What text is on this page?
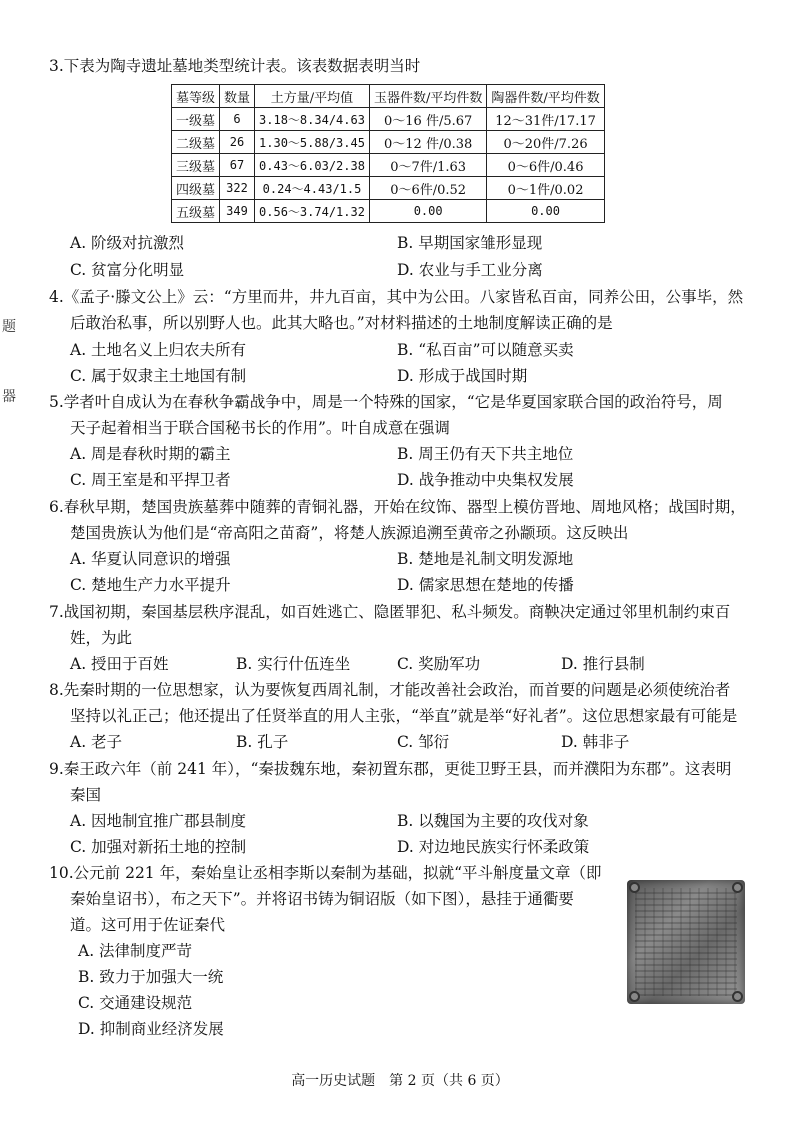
题
器
3.下表为陶寺遗址墓地类型统计表。该表数据表明当时
墓等级	数量	土方量/平均值	玉器件数/平均件数	陶器件数/平均件数
一级墓	6	3.18～8.34/4.63	0～16 件/5.67	12～31件/17.17
二级墓	26	1.30～5.88/3.45	0～12 件/0.38	0～20件/7.26
三级墓	67	0.43～6.03/2.38	0～7件/1.63	0～6件/0.46
四级墓	322	0.24～4.43/1.5	0～6件/0.52	0～1件/0.02
五级墓	349	0.56～3.74/1.32	0.00	0.00
A. 阶级对抗激烈	B. 早期国家雏形显现
C. 贫富分化明显	D. 农业与手工业分离
4.《孟子·滕文公上》云：“方里而井，井九百亩，其中为公田。八家皆私百亩，同养公田，公事毕，然
后敢治私事，所以别野人也。此其大略也。”对材料描述的土地制度解读正确的是
A. 土地名义上归农夫所有	B. “私百亩”可以随意买卖
C. 属于奴隶主土地国有制	D. 形成于战国时期
5.学者叶自成认为在春秋争霸战争中，周是一个特殊的国家，“它是华夏国家联合国的政治符号，周
天子起着相当于联合国秘书长的作用”。叶自成意在强调
A. 周是春秋时期的霸主	B. 周王仍有天下共主地位
C. 周王室是和平捍卫者	D. 战争推动中央集权发展
6.春秋早期，楚国贵族墓葬中随葬的青铜礼器，开始在纹饰、器型上模仿晋地、周地风格；战国时期，
楚国贵族认为他们是“帝高阳之苗裔”，将楚人族源追溯至黄帝之孙颛顼。这反映出
A. 华夏认同意识的增强	B. 楚地是礼制文明发源地
C. 楚地生产力水平提升	D. 儒家思想在楚地的传播
7.战国初期，秦国基层秩序混乱，如百姓逃亡、隐匿罪犯、私斗频发。商鞅决定通过邻里机制约束百
姓，为此
A. 授田于百姓	B. 实行什伍连坐	C. 奖励军功	D. 推行县制
8.先秦时期的一位思想家，认为要恢复西周礼制，才能改善社会政治，而首要的问题是必须使统治者
坚持以礼正己；他还提出了任贤举直的用人主张，“举直”就是举“好礼者”。这位思想家最有可能是
A. 老子	B. 孔子	C. 邹衍	D. 韩非子
9.秦王政六年（前 241 年），“秦拔魏东地，秦初置东郡，更徙卫野王县，而并濮阳为东郡”。这表明
秦国
A. 因地制宜推广郡县制度	B. 以魏国为主要的攻伐对象
C. 加强对新拓土地的控制	D. 对边地民族实行怀柔政策
10.公元前 221 年，秦始皇让丞相李斯以秦制为基础，拟就“平斗斛度量文章（即
秦始皇诏书），布之天下”。并将诏书铸为铜诏版（如下图），悬挂于通衢要
道。这可用于佐证秦代
A. 法律制度严苛
B. 致力于加强大一统
C. 交通建设规范
D. 抑制商业经济发展
高一历史试题　第 2 页（共 6 页）
